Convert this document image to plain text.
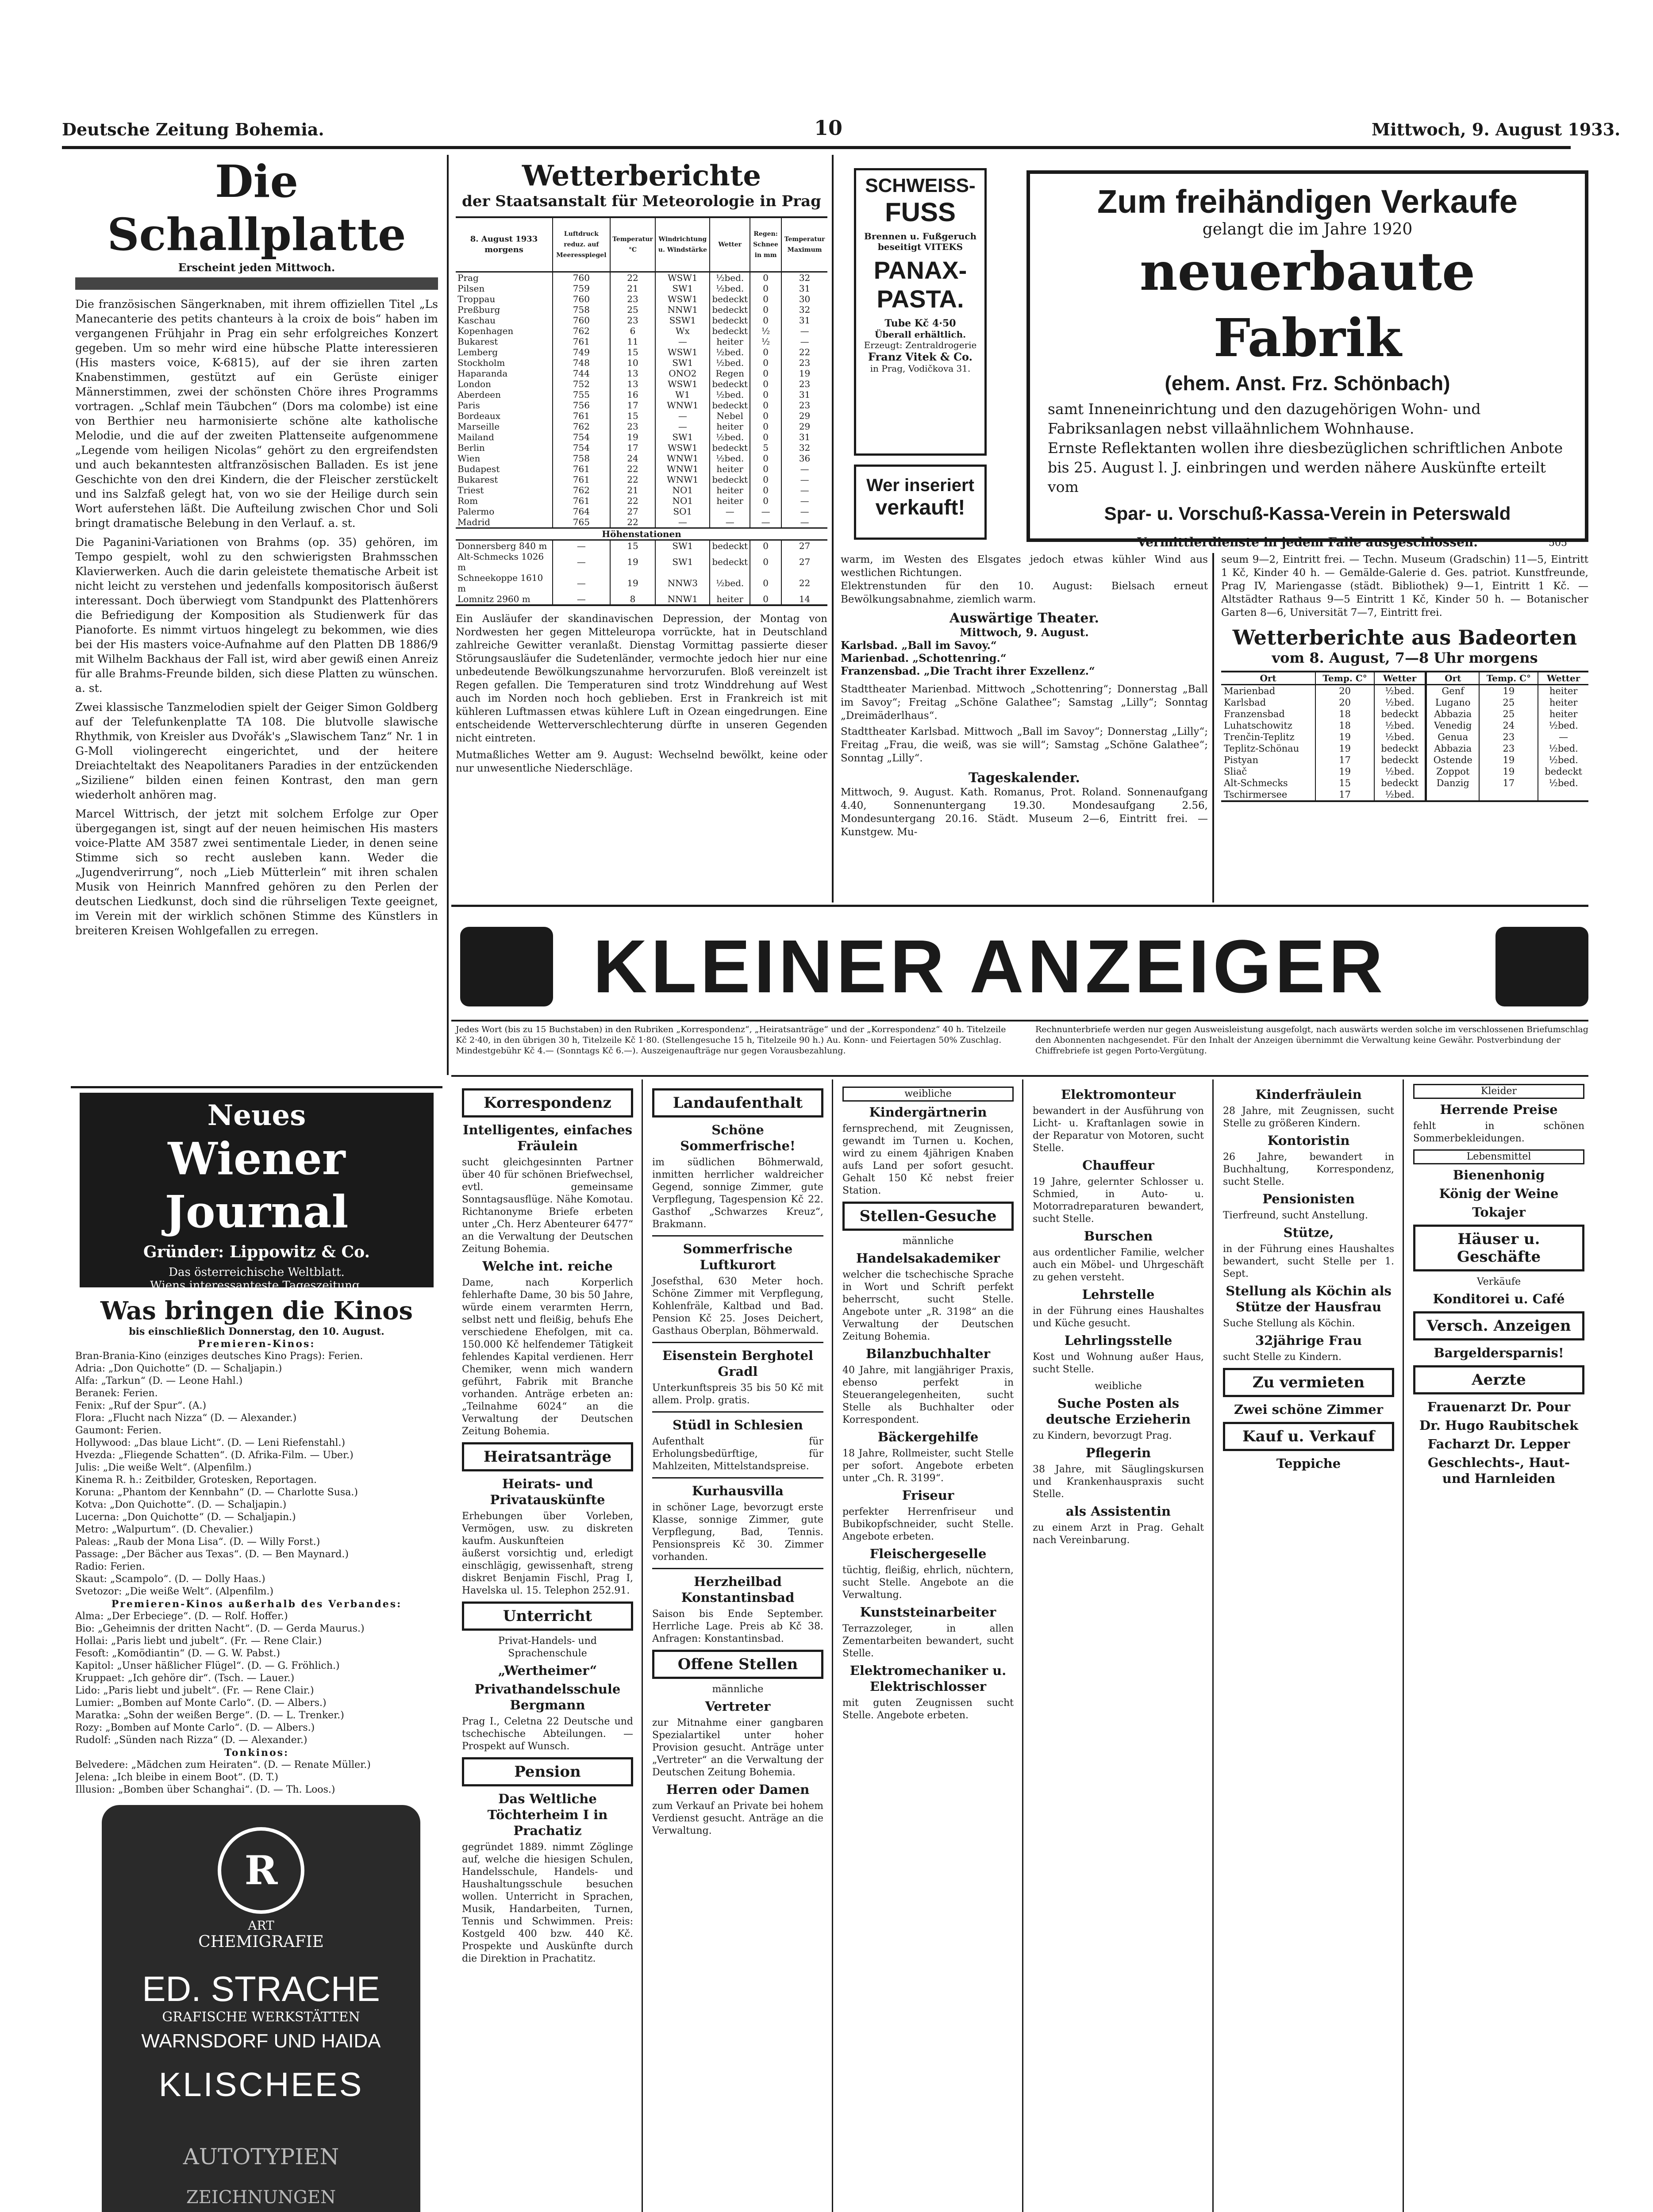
Deutsche Zeitung Bohemia.	10	Mittwoch, 9. August 1933.
Die Schallplatte
Erscheint jeden Mittwoch.

Die französischen Sängerknaben, mit ihrem offiziellen Titel „Ls Manecanterie des petits chanteurs à la croix de bois“ haben im vergangenen Frühjahr in Prag ein sehr erfolgreiches Konzert gegeben. Um so mehr wird eine hübsche Platte interessieren (His masters voice, K-6815), auf der sie ihren zarten Knabenstimmen, gestützt auf ein Gerüste einiger Männerstimmen, zwei der schönsten Chöre ihres Programms vortragen. „Schlaf mein Täubchen“ (Dors ma colombe) ist eine von Berthier neu harmonisierte schöne alte katholische Melodie, und die auf der zweiten Plattenseite aufgenommene „Legende vom heiligen Nicolas“ gehört zu den ergreifendsten und auch bekanntesten altfranzösischen Balladen. Es ist jene Geschichte von den drei Kindern, die der Fleischer zerstückelt und ins Salzfaß gelegt hat, von wo sie der Heilige durch sein Wort auferstehen läßt. Die Aufteilung zwischen Chor und Soli bringt dramatische Belebung in den Verlauf. a. st.

Die Paganini-Variationen von Brahms (op. 35) gehören, im Tempo gespielt, wohl zu den schwierigsten Brahmsschen Klavierwerken. Auch die darin geleistete thematische Arbeit ist nicht leicht zu verstehen und jedenfalls kompositorisch äußerst interessant. Doch überwiegt vom Standpunkt des Plattenhörers die Befriedigung der Komposition als Studienwerk für das Pianoforte. Es nimmt virtuos hingelegt zu bekommen, wie dies bei der His masters voice-Aufnahme auf den Platten DB 1886/9 mit Wilhelm Backhaus der Fall ist, wird aber gewiß einen Anreiz für alle Brahms-Freunde bilden, sich diese Platten zu wünschen. a. st.

Zwei klassische Tanzmelodien spielt der Geiger Simon Goldberg auf der Telefunkenplatte TA 108. Die blutvolle slawische Rhythmik, von Kreisler aus Dvořák's „Slawischem Tanz“ Nr. 1 in G-Moll violingerecht eingerichtet, und der heitere Dreiachteltakt des Neapolitaners Paradies in der entzückenden „Siziliene“ bilden einen feinen Kontrast, den man gern wiederholt anhören mag.

Marcel Wittrisch, der jetzt mit solchem Erfolge zur Oper übergegangen ist, singt auf der neuen heimischen His masters voice-Platte AM 3587 zwei sentimentale Lieder, in denen seine Stimme sich so recht ausleben kann. Weder die „Jugendverirrung“, noch „Lieb Mütterlein“ mit ihren schalen Musik von Heinrich Mannfred gehören zu den Perlen der deutschen Liedkunst, doch sind die rührseligen Texte geeignet, im Verein mit der wirklich schönen Stimme des Künstlers in breiteren Kreisen Wohlgefallen zu erregen.

Neues
Wiener Journal
Gründer: Lippowitz & Co.
Das österreichische Weltblatt.
Wiens interessanteste Tageszeitung.
Was bringen die Kinos
bis einschließlich Donnerstag, den 10. August.
Premieren-Kinos:
Bran-Brania-Kino (einziges deutsches Kino Prags): Ferien.
Adria: „Don Quichotte“ (D. — Schaljapin.)
Alfa: „Tarkun“ (D. — Leone Hahl.)
Beranek: Ferien.
Fenix: „Ruf der Spur“. (A.)
Flora: „Flucht nach Nizza“ (D. — Alexander.)
Gaumont: Ferien.
Hollywood: „Das blaue Licht“. (D. — Leni Riefenstahl.)
Hvezda: „Fliegende Schatten“. (D. Afrika-Film. — Uber.)
Julis: „Die weiße Welt“. (Alpenfilm.)
Kinema R. h.: Zeitbilder, Grotesken, Reportagen.
Koruna: „Phantom der Kennbahn“ (D. — Charlotte Susa.)
Kotva: „Don Quichotte“. (D. — Schaljapin.)
Lucerna: „Don Quichotte“ (D. — Schaljapin.)
Metro: „Walpurtum“. (D. Chevalier.)
Paleas: „Raub der Mona Lisa“. (D. — Willy Forst.)
Passage: „Der Bächer aus Texas“. (D. — Ben Maynard.)
Radio: Ferien.
Skaut: „Scampolo“. (D. — Dolly Haas.)
Svetozor: „Die weiße Welt“. (Alpenfilm.)
Premieren-Kinos außerhalb des Verbandes:
Alma: „Der Erbeciege“. (D. — Rolf. Hoffer.)
Bio: „Geheimnis der dritten Nacht“. (D. — Gerda Maurus.)
Hollai: „Paris liebt und jubelt“. (Fr. — Rene Clair.)
Fesoft: „Komödiantin“ (D. — G. W. Pabst.)
Kapitol: „Unser häßlicher Flügel“. (D. — G. Fröhlich.)
Kruppaet: „Ich gehöre dir“. (Tsch. — Lauer.)
Lido: „Paris liebt und jubelt“. (Fr. — Rene Clair.)
Lumier: „Bomben auf Monte Carlo“. (D. — Albers.)
Maratka: „Sohn der weißen Berge“. (D. — L. Trenker.)
Rozy: „Bomben auf Monte Carlo“. (D. — Albers.)
Rudolf: „Sünden nach Rizza“ (D. — Alexander.)
Tonkinos:
Belvedere: „Mädchen zum Heiraten“. (D. — Renate Müller.)
Jelena: „Ich bleibe in einem Boot“. (D. T.)
Illusion: „Bomben über Schanghai“. (D. — Th. Loos.)
R
ART
CHEMIGRAFIE
ED. STRACHE
GRAFISCHE WERKSTÄTTEN
WARNSDORF UND HAIDA
KLISCHEES
AUTOTYPIEN
ZEICHNUNGEN
Wetterberichte
der Staatsanstalt für Meteorologie in Prag
8. August 1933
morgens	Luftdruck reduz. auf Meeresspiegel	Temperatur °C	Windrichtung u. Windstärke	Wetter	Regen: Schnee in mm	Temperatur Maximum
Prag	760	22	WSW1	½bed.	0	32
Pilsen	759	21	SW1	½bed.	0	31
Troppau	760	23	WSW1	bedeckt	0	30
Preßburg	758	25	NNW1	bedeckt	0	32
Kaschau	760	23	SSW1	bedeckt	0	31
Kopenhagen	762	6	Wx	bedeckt	½	—
Bukarest	761	11	—	heiter	½	—
Lemberg	749	15	WSW1	½bed.	0	22
Stockholm	748	10	SW1	½bed.	0	23
Haparanda	744	13	ONO2	Regen	0	19
London	752	13	WSW1	bedeckt	0	23
Aberdeen	755	16	W1	½bed.	0	31
Paris	756	17	WNW1	bedeckt	0	23
Bordeaux	761	15	—	Nebel	0	29
Marseille	762	23	—	heiter	0	29
Mailand	754	19	SW1	½bed.	0	31
Berlin	754	17	WSW1	bedeckt	5	32
Wien	758	24	WNW1	½bed.	0	36
Budapest	761	22	WNW1	heiter	0	—
Bukarest	761	22	WNW1	bedeckt	0	—
Triest	762	21	NO1	heiter	0	—
Rom	761	22	NO1	heiter	0	—
Palermo	764	27	SO1	—	—	—
Madrid	765	22	—	—	—	—
Höhenstationen						
Donnersberg 840 m	—	15	SW1	bedeckt	0	27
Alt-Schmecks 1026 m	—	19	SW1	bedeckt	0	27
Schneekoppe 1610 m	—	19	NNW3	½bed.	0	22
Lomnitz 2960 m	—	8	NNW1	heiter	0	14

Ein Ausläufer der skandinavischen Depression, der Montag von Nordwesten her gegen Mitteleuropa vorrückte, hat in Deutschland zahlreiche Gewitter veranlaßt. Dienstag Vormittag passierte dieser Störungsausläufer die Sudetenländer, vermochte jedoch hier nur eine unbedeutende Bewölkungszunahme hervorzurufen. Bloß vereinzelt ist Regen gefallen. Die Temperaturen sind trotz Winddrehung auf West auch im Norden noch hoch geblieben. Erst in Frankreich ist mit kühleren Luftmassen etwas kühlere Luft in Ozean eingedrungen. Eine entscheidende Wetterverschlechterung dürfte in unseren Gegenden nicht eintreten.

Mutmaßliches Wetter am 9. August: Wechselnd bewölkt, keine oder nur unwesentliche Niederschläge.

SCHWEISS-
FUSS
Brennen u. Fußgeruch beseitigt VITEKS
PANAX-
PASTA.
Tube Kč 4·50
Überall erhältlich.
Erzeugt: Zentraldrogerie
Franz Vitek & Co.
in Prag, Vodičkova 31.
Wer inseriert
verkauft!
Zum freihändigen Verkaufe
gelangt die im Jahre 1920
neuerbaute Fabrik
(ehem. Anst. Frz. Schönbach)
samt Inneneinrichtung und den dazugehörigen Wohn- und Fabriksanlagen nebst villaähnlichem Wohnhause.
Ernste Reflektanten wollen ihre diesbezüglichen schriftlichen Anbote bis 25. August l. J. einbringen und werden nähere Auskünfte erteilt vom
Spar- u. Vorschuß-Kassa-Verein in Peterswald
Vermittlerdienste in jedem Falle ausgeschlossen.	505

warm, im Westen des Elsgates jedoch etwas kühler Wind aus westlichen Richtungen.

Elektrenstunden für den 10. August: Bielsach erneut Bewölkungsabnahme, ziemlich warm.

Auswärtige Theater.
Mittwoch, 9. August.
Karlsbad. „Ball im Savoy.“
Marienbad. „Schottenring.“
Franzensbad. „Die Tracht ihrer Exzellenz.“

Stadttheater Marienbad. Mittwoch „Schottenring“; Donnerstag „Ball im Savoy“; Freitag „Schöne Galathee“; Samstag „Lilly“; Sonntag „Dreimäderlhaus“.

Stadttheater Karlsbad. Mittwoch „Ball im Savoy“; Donnerstag „Lilly“; Freitag „Frau, die weiß, was sie will“; Samstag „Schöne Galathee“; Sonntag „Lilly“.

Tageskalender.

Mittwoch, 9. August. Kath. Romanus, Prot. Roland. Sonnenaufgang 4.40, Sonnenuntergang 19.30. Mondesaufgang 2.56, Mondesuntergang 20.16. Städt. Museum 2—6, Eintritt frei. — Kunstgew. Mu-

seum 9—2, Eintritt frei. — Techn. Museum (Gradschin) 11—5, Eintritt 1 Kč, Kinder 40 h. — Gemälde-Galerie d. Ges. patriot. Kunstfreunde, Prag IV, Mariengasse (städt. Bibliothek) 9—1, Eintritt 1 Kč. — Altstädter Rathaus 9—5 Eintritt 1 Kč, Kinder 50 h. — Botanischer Garten 8—6, Universität 7—7, Eintritt frei.

Wetterberichte aus Badeorten
vom 8. August, 7—8 Uhr morgens
Ort	Temp. C°	Wetter	Ort	Temp. C°	Wetter
Marienbad	20	½bed.	Genf	19	heiter
Karlsbad	20	½bed.	Lugano	25	heiter
Franzensbad	18	bedeckt	Abbazia	25	heiter
Luhatschowitz	18	½bed.	Venedig	24	½bed.
Trenčin-Teplitz	19	½bed.	Genua	23	—
Teplitz-Schönau	19	bedeckt	Abbazia	23	½bed.
Pistyan	17	bedeckt	Ostende	19	½bed.
Sliač	19	½bed.	Zoppot	19	bedeckt
Alt-Schmecks	15	bedeckt	Danzig	17	½bed.
Tschirmersee	17	½bed.			
KLEINER ANZEIGER
Jedes Wort (bis zu 15 Buchstaben) in den Rubriken „Korrespondenz“, „Heiratsanträge“ und der „Korrespondenz“ 40 h. Titelzeile Kč 2·40, in den übrigen 30 h, Titelzeile Kč 1·80. (Stellengesuche 15 h, Titelzeile 90 h.) Au. Konn- und Feiertagen 50% Zuschlag. Mindestgebühr Kč 4.— (Sonntags Kč 6.—). Auszeigenaufträge nur gegen Vorausbezahlung.
Rechnunterbriefe werden nur gegen Ausweisleistung ausgefolgt, nach auswärts werden solche im verschlossenen Briefumschlag den Abonnenten nachgesendet. Für den Inhalt der Anzeigen übernimmt die Verwaltung keine Gewähr. Postverbindung der Chiffrebriefe ist gegen Porto-Vergütung.
Korrespondenz
Intelligentes, einfaches Fräulein

sucht gleichgesinnten Partner über 40 für schönen Briefwechsel, evtl. gemeinsame Sonntagsausflüge. Nähe Komotau. Richtanonyme Briefe erbeten unter „Ch. Herz Abenteurer 6477“ an die Verwaltung der Deutschen Zeitung Bohemia.

Welche int. reiche

Dame, nach Korperlich fehlerhafte Dame, 30 bis 50 Jahre, würde einem verarmten Herrn, selbst nett und fleißig, behufs Ehe verschiedene Ehefolgen, mit ca. 150.000 Kč helfendemer Tätigkeit fehlendes Kapital verdienen. Herr Chemiker, wenn mich wandern geführt, Fabrik mit Branche vorhanden. Anträge erbeten an: „Teilnahme 6024“ an die Verwaltung der Deutschen Zeitung Bohemia.

Heiratsanträge
Heirats- und Privatauskünfte

Erhebungen über Vorleben, Vermögen, usw. zu diskreten kaufm. Auskunfteien

äußerst vorsichtig und, erledigt einschlägig, gewissenhaft, streng diskret Benjamin Fischl, Prag I, Havelska ul. 15. Telephon 252.91.

Unterricht

Privat-Handels- und Sprachenschule

„Wertheimer“
Privathandelsschule Bergmann

Prag I., Celetna 22 Deutsche und tschechische Abteilungen. — Prospekt auf Wunsch.

Pension
Das Weltliche Töchterheim I in Prachatiz

gegründet 1889. nimmt Zöglinge auf, welche die hiesigen Schulen, Handelsschule, Handels- und Haushaltungsschule besuchen wollen. Unterricht in Sprachen, Musik, Handarbeiten, Turnen, Tennis und Schwimmen. Preis: Kostgeld 400 bzw. 440 Kč. Prospekte und Auskünfte durch die Direktion in Prachatitz.

Landaufenthalt
Schöne Sommerfrische!

im südlichen Böhmerwald, inmitten herrlicher waldreicher Gegend, sonnige Zimmer, gute Verpflegung, Tagespension Kč 22. Gasthof „Schwarzes Kreuz“, Brakmann.

Sommerfrische Luftkurort

Josefsthal, 630 Meter hoch. Schöne Zimmer mit Verpflegung, Kohlenfräle, Kaltbad und Bad. Pension Kč 25. Joses Deichert, Gasthaus Oberplan, Böhmerwald.

Eisenstein Berghotel Gradl

Unterkunftspreis 35 bis 50 Kč mit allem. Prolp. gratis.

Stüdl in Schlesien

Aufenthalt für Erholungsbedürftige, für Mahlzeiten, Mittelstandspreise.

Kurhausvilla

in schöner Lage, bevorzugt erste Klasse, sonnige Zimmer, gute Verpflegung, Bad, Tennis. Pensionspreis Kč 30. Zimmer vorhanden.

Herzheilbad Konstantinsbad

Saison bis Ende September. Herrliche Lage. Preis ab Kč 38. Anfragen: Konstantinsbad.

Offene Stellen
männliche
Vertreter

zur Mitnahme einer gangbaren Spezialartikel unter hoher Provision gesucht. Anträge unter „Vertreter“ an die Verwaltung der Deutschen Zeitung Bohemia.

Herren oder Damen

zum Verkauf an Private bei hohem Verdienst gesucht. Anträge an die Verwaltung.

weibliche
Kindergärtnerin

fernsprechend, mit Zeugnissen, gewandt im Turnen u. Kochen, wird zu einem 4jährigen Knaben aufs Land per sofort gesucht. Gehalt 150 Kč nebst freier Station.

Stellen-Gesuche
männliche
Handelsakademiker

welcher die tschechische Sprache in Wort und Schrift perfekt beherrscht, sucht Stelle. Angebote unter „R. 3198“ an die Verwaltung der Deutschen Zeitung Bohemia.

Bilanzbuchhalter

40 Jahre, mit langjähriger Praxis, ebenso perfekt in Steuerangelegenheiten, sucht Stelle als Buchhalter oder Korrespondent.

Bäckergehilfe

18 Jahre, Rollmeister, sucht Stelle per sofort. Angebote erbeten unter „Ch. R. 3199“.

Friseur

perfekter Herrenfriseur und Bubikopfschneider, sucht Stelle. Angebote erbeten.

Fleischergeselle

tüchtig, fleißig, ehrlich, nüchtern, sucht Stelle. Angebote an die Verwaltung.

Kunststeinarbeiter

Terrazzoleger, in allen Zementarbeiten bewandert, sucht Stelle.

Elektromechaniker u. Elektrischlosser

mit guten Zeugnissen sucht Stelle. Angebote erbeten.

Elektromonteur

bewandert in der Ausführung von Licht- u. Kraftanlagen sowie in der Reparatur von Motoren, sucht Stelle.

Chauffeur

19 Jahre, gelernter Schlosser u. Schmied, in Auto- u. Motorradreparaturen bewandert, sucht Stelle.

Burschen

aus ordentlicher Familie, welcher auch ein Möbel- und Uhrgeschäft zu gehen versteht.

Lehrstelle

in der Führung eines Haushaltes und Küche gesucht.

Lehrlingsstelle

Kost und Wohnung außer Haus, sucht Stelle.

weibliche
Suche Posten als deutsche Erzieherin

zu Kindern, bevorzugt Prag.

Pflegerin

38 Jahre, mit Säuglingskursen und Krankenhauspraxis sucht Stelle.

als Assistentin

zu einem Arzt in Prag. Gehalt nach Vereinbarung.

Kinderfräulein

28 Jahre, mit Zeugnissen, sucht Stelle zu größeren Kindern.

Kontoristin

26 Jahre, bewandert in Buchhaltung, Korrespondenz, sucht Stelle.

Pensionisten

Tierfreund, sucht Anstellung.

Stütze,

in der Führung eines Haushaltes bewandert, sucht Stelle per 1. Sept.

Stellung als Köchin als Stütze der Hausfrau

Suche Stellung als Köchin.

32jährige Frau

sucht Stelle zu Kindern.

Zu vermieten
Zwei schöne Zimmer
Kauf u. Verkauf
Teppiche
Kleider
Herrende Preise

fehlt in schönen Sommerbekleidungen.

Lebensmittel
Bienenhonig
König der Weine
Tokajer
Häuser u. Geschäfte
Verkäufe
Konditorei u. Café
Versch. Anzeigen
Bargeldersparnis!
Aerzte
Frauenarzt Dr. Pour
Dr. Hugo Raubitschek
Facharzt Dr. Lepper
Geschlechts-, Haut- und Harnleiden
